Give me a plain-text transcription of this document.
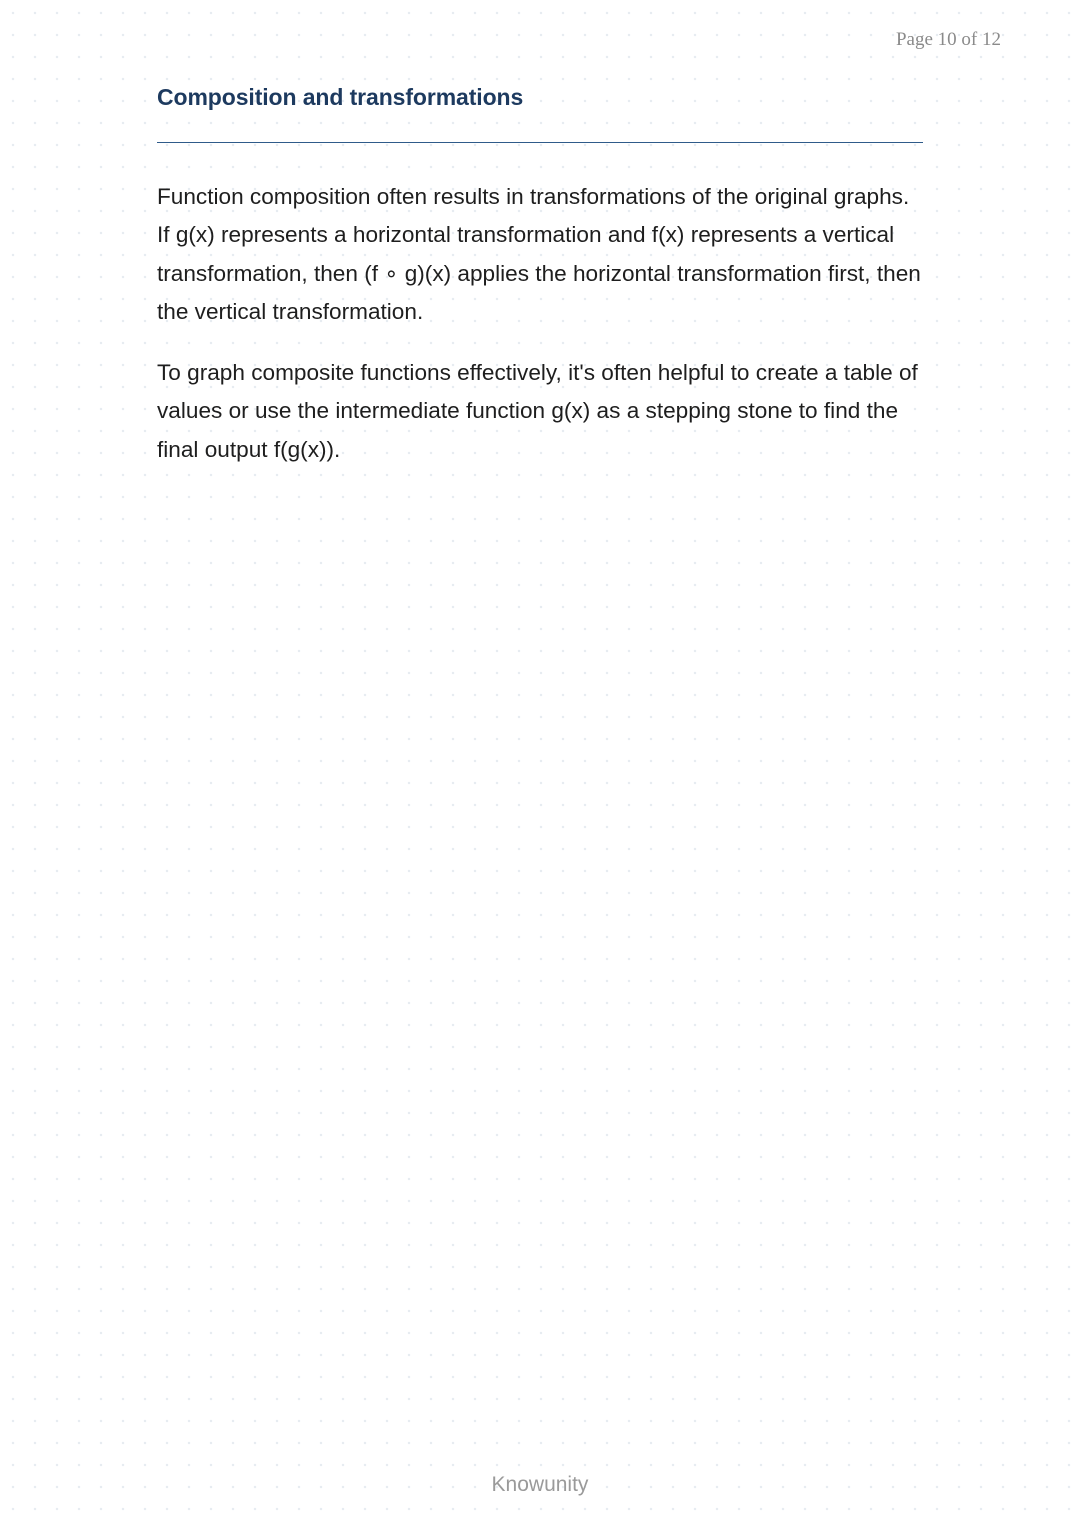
Page 10 of 12
Composition and transformations

Function composition often results in transformations of the original graphs. If g(x) represents a horizontal transformation and f(x) represents a vertical transformation, then (f ∘ g)(x) applies the horizontal transformation first, then the vertical transformation.

To graph composite functions effectively, it's often helpful to create a table of values or use the intermediate function g(x) as a stepping stone to find the final output f(g(x)).

Knowunity
